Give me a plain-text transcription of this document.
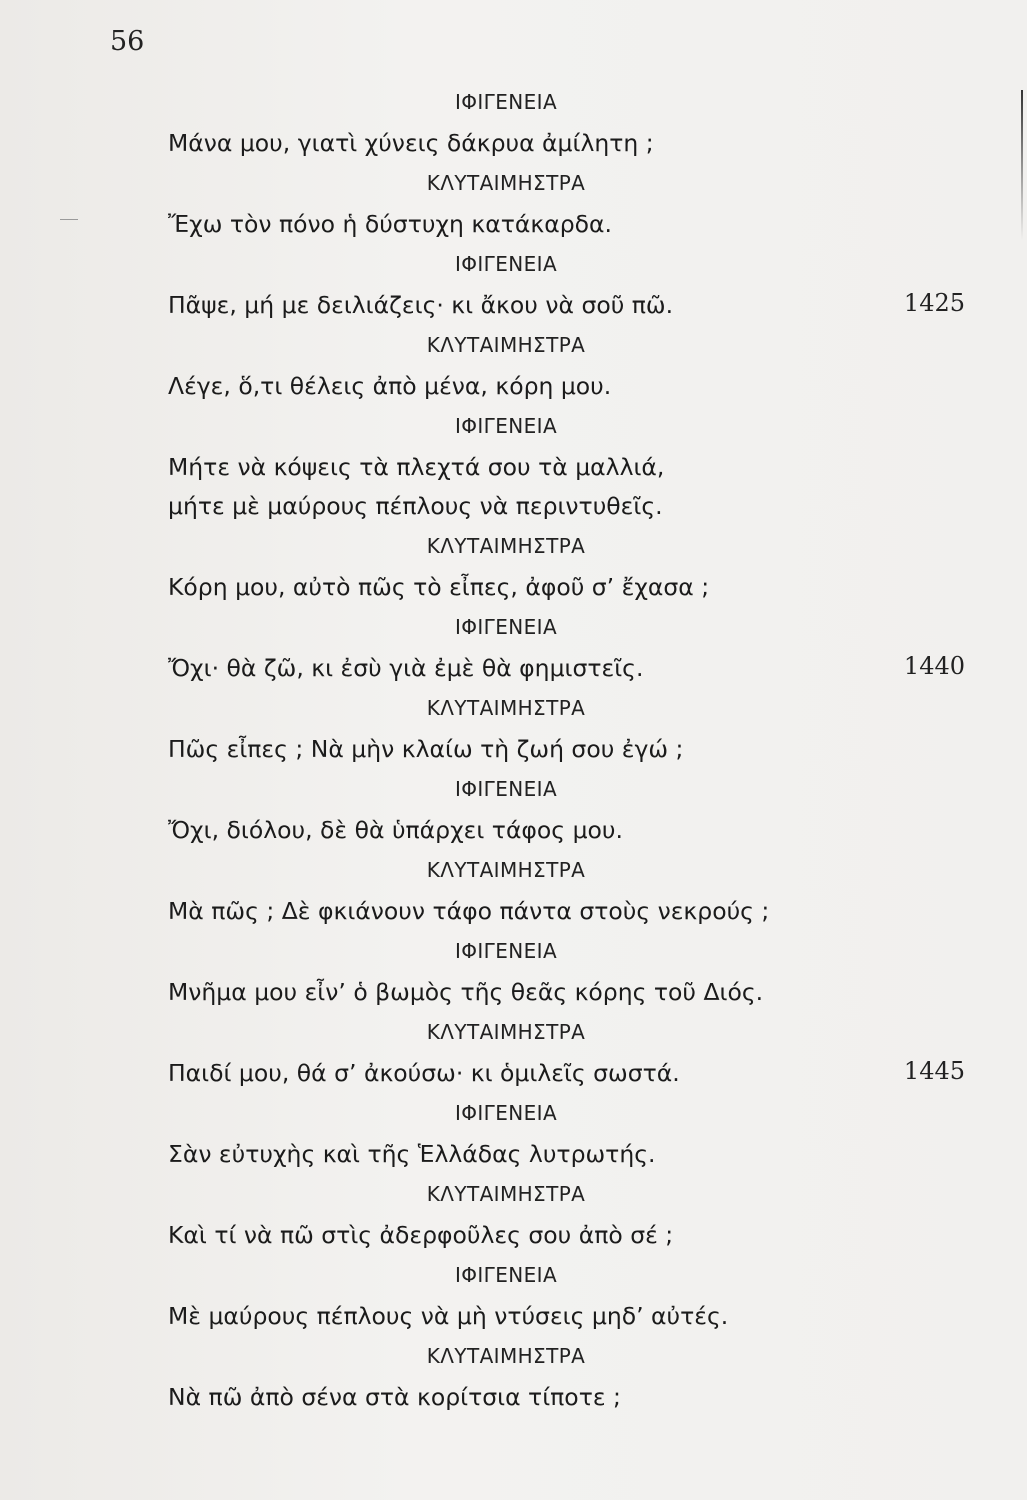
56
ΙΦΙΓΕΝΕΙΑ
Μάνα μου, γιατὶ χύνεις δάκρυα ἀμίλητη ;
ΚΛΥΤΑΙΜΗΣΤΡΑ
Ἔχω τὸν πόνο ἡ δύστυχη κατάκαρδα.
ΙΦΙΓΕΝΕΙΑ
Πᾶψε, μή με δειλιάζεις· κι ἄκου νὰ σοῦ πῶ.	1425
ΚΛΥΤΑΙΜΗΣΤΡΑ
Λέγε, ὅ,τι θέλεις ἀπὸ μένα, κόρη μου.
ΙΦΙΓΕΝΕΙΑ
Μήτε νὰ κόψεις τὰ πλεχτά σου τὰ μαλλιά,
μήτε μὲ μαύρους πέπλους νὰ περιντυθεῖς.
ΚΛΥΤΑΙΜΗΣΤΡΑ
Κόρη μου, αὐτὸ πῶς τὸ εἶπες, ἀφοῦ σ’ ἔχασα ;
ΙΦΙΓΕΝΕΙΑ
Ὄχι· θὰ ζῶ, κι ἐσὺ γιὰ ἐμὲ θὰ φημιστεῖς.	1440
ΚΛΥΤΑΙΜΗΣΤΡΑ
Πῶς εἶπες ; Νὰ μὴν κλαίω τὴ ζωή σου ἐγώ ;
ΙΦΙΓΕΝΕΙΑ
Ὄχι, διόλου, δὲ θὰ ὑπάρχει τάφος μου.
ΚΛΥΤΑΙΜΗΣΤΡΑ
Μὰ πῶς ; Δὲ φκιάνουν τάφο πάντα στοὺς νεκρούς ;
ΙΦΙΓΕΝΕΙΑ
Μνῆμα μου εἶν’ ὁ βωμὸς τῆς θεᾶς κόρης τοῦ Διός.
ΚΛΥΤΑΙΜΗΣΤΡΑ
Παιδί μου, θά σ’ ἀκούσω· κι ὁμιλεῖς σωστά.	1445
ΙΦΙΓΕΝΕΙΑ
Σὰν εὐτυχὴς καὶ τῆς Ἑλλάδας λυτρωτής.
ΚΛΥΤΑΙΜΗΣΤΡΑ
Καὶ τί νὰ πῶ στὶς ἀδερφοῦλες σου ἀπὸ σέ ;
ΙΦΙΓΕΝΕΙΑ
Μὲ μαύρους πέπλους νὰ μὴ ντύσεις μηδ’ αὐτές.
ΚΛΥΤΑΙΜΗΣΤΡΑ
Νὰ πῶ ἀπὸ σένα στὰ κορίτσια τίποτε ;
